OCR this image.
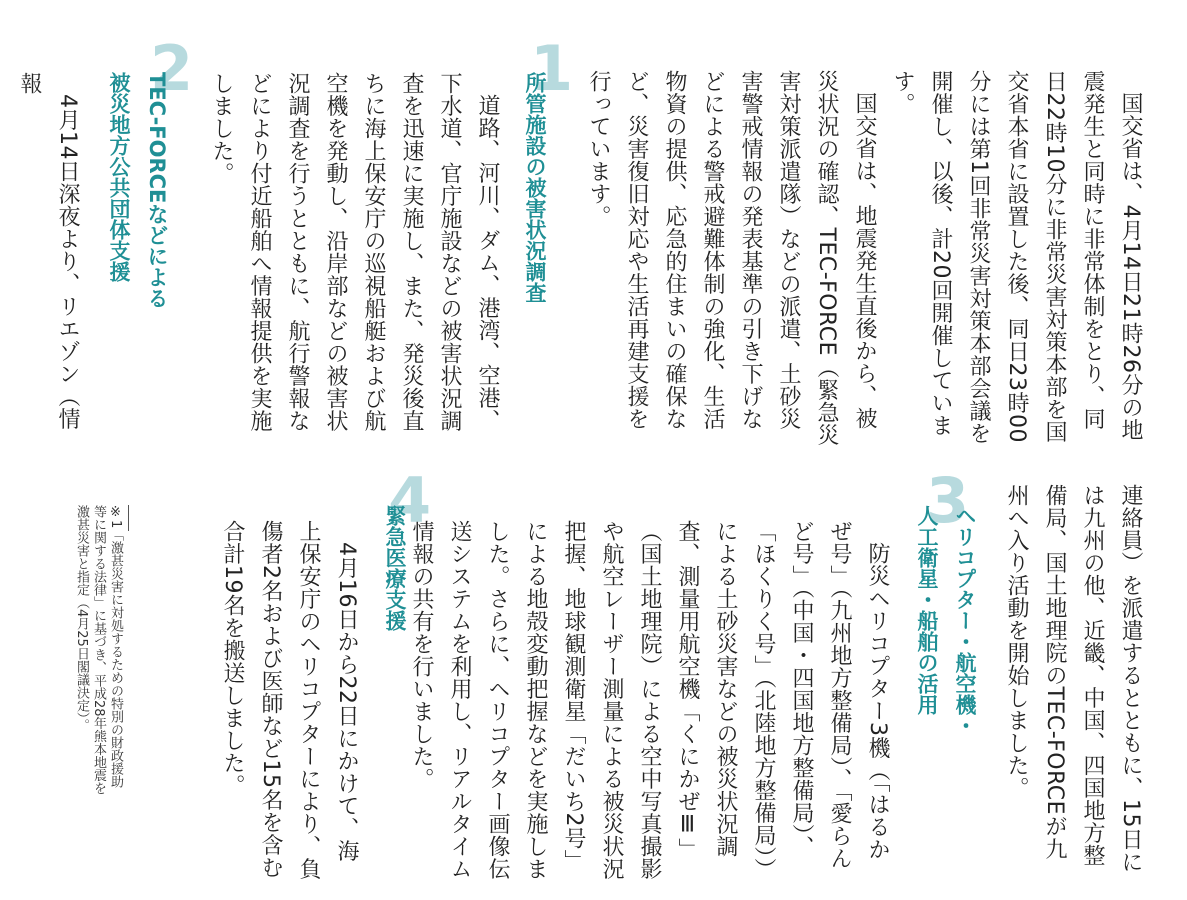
国交省は、4月14日21時26分の地震発生と同時に非常体制をとり、同日22時10分に非常災害対策本部を国交省本省に設置した後、同日23時00分には第1回非常災害対策本部会議を開催し、以後、計20回開催しています。

国交省は、地震発生直後から、被災状況の確認、TEC-FORCE（緊急災害対策派遣隊）などの派遣、土砂災害警戒情報の発表基準の引き下げなどによる警戒避難体制の強化、生活物資の提供、応急的住まいの確保など、災害復旧対応や生活再建支援を行っています。

1
所管施設の被害状況調査
道路、河川、ダム、港湾、空港、下水道、官庁施設などの被害状況調査を迅速に実施し、また、発災後直ちに海上保安庁の巡視船艇および航空機を発動し、沿岸部などの被害状況調査を行うとともに、航行警報などにより付近船舶へ情報提供を実施しました。
2
TEC-FORCEなどによる
被災地方公共団体支援
4月14日深夜より、リエゾン（情報
連絡員）を派遣するとともに、15日には九州の他、近畿、中国、四国地方整備局、国土地理院のTEC-FORCEが九州へ入り活動を開始しました。
3
ヘリコプター・航空機・
人工衛星・船舶の活用
防災ヘリコプター3機（「はるかぜ号」（九州地方整備局）、「愛らんど号」（中国・四国地方整備局）、「ほくりく号」（北陸地方整備局））による土砂災害などの被災状況調査、測量用航空機「くにかぜⅢ」（国土地理院）による空中写真撮影や航空レーザー測量による被災状況把握、地球観測衛星「だいち2号」による地殻変動把握などを実施しました。さらに、ヘリコプター画像伝送システムを利用し、リアルタイム情報の共有を行いました。
4
緊急医療支援
4月16日から22日にかけて、海上保安庁のヘリコプターにより、負傷者2名および医師など15名を含む合計19名を搬送しました。
※1「激甚災害に対処するための特別の財政援助等に関する法律」に基づき、平成28年熊本地震を激甚災害と指定（4月25日閣議決定）。
